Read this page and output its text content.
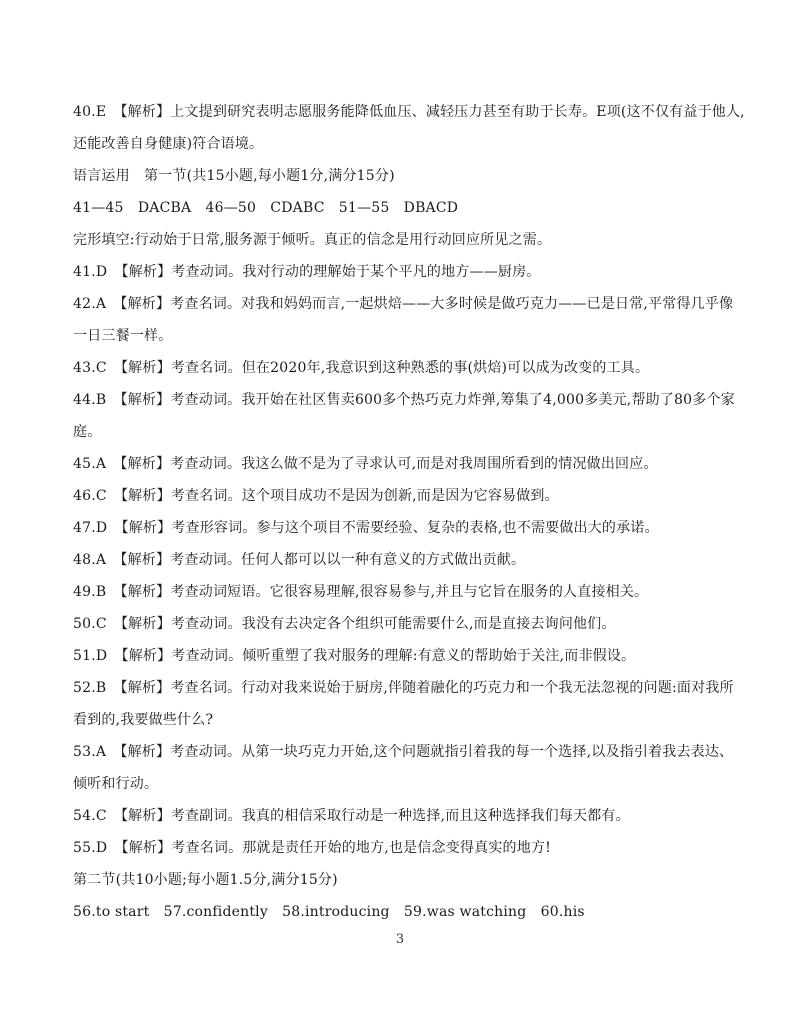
40.E　【解析】上文提到研究表明志愿服务能降低血压、减轻压力甚至有助于长寿。E项(这不仅有益于他人,
还能改善自身健康)符合语境。
语言运用　第一节(共15小题,每小题1分,满分15分)
41—45　DACBA　46—50　CDABC　51—55　DBACD
完形填空:行动始于日常,服务源于倾听。真正的信念是用行动回应所见之需。
41.D　【解析】考查动词。我对行动的理解始于某个平凡的地方——厨房。
42.A　【解析】考查名词。对我和妈妈而言,一起烘焙——大多时候是做巧克力——已是日常,平常得几乎像
一日三餐一样。
43.C　【解析】考查名词。但在2020年,我意识到这种熟悉的事(烘焙)可以成为改变的工具。
44.B　【解析】考查动词。我开始在社区售卖600多个热巧克力炸弹,筹集了4,000多美元,帮助了80多个家
庭。
45.A　【解析】考查动词。我这么做不是为了寻求认可,而是对我周围所看到的情况做出回应。
46.C　【解析】考查名词。这个项目成功不是因为创新,而是因为它容易做到。
47.D　【解析】考查形容词。参与这个项目不需要经验、复杂的表格,也不需要做出大的承诺。
48.A　【解析】考查动词。任何人都可以以一种有意义的方式做出贡献。
49.B　【解析】考查动词短语。它很容易理解,很容易参与,并且与它旨在服务的人直接相关。
50.C　【解析】考查动词。我没有去决定各个组织可能需要什么,而是直接去询问他们。
51.D　【解析】考查动词。倾听重塑了我对服务的理解:有意义的帮助始于关注,而非假设。
52.B　【解析】考查名词。行动对我来说始于厨房,伴随着融化的巧克力和一个我无法忽视的问题:面对我所
看到的,我要做些什么?
53.A　【解析】考查动词。从第一块巧克力开始,这个问题就指引着我的每一个选择,以及指引着我去表达、
倾听和行动。
54.C　【解析】考查副词。我真的相信采取行动是一种选择,而且这种选择我们每天都有。
55.D　【解析】考查名词。那就是责任开始的地方,也是信念变得真实的地方!
第二节(共10小题;每小题1.5分,满分15分)
56.to start　57.confidently　58.introducing　59.was watching　60.his
3
